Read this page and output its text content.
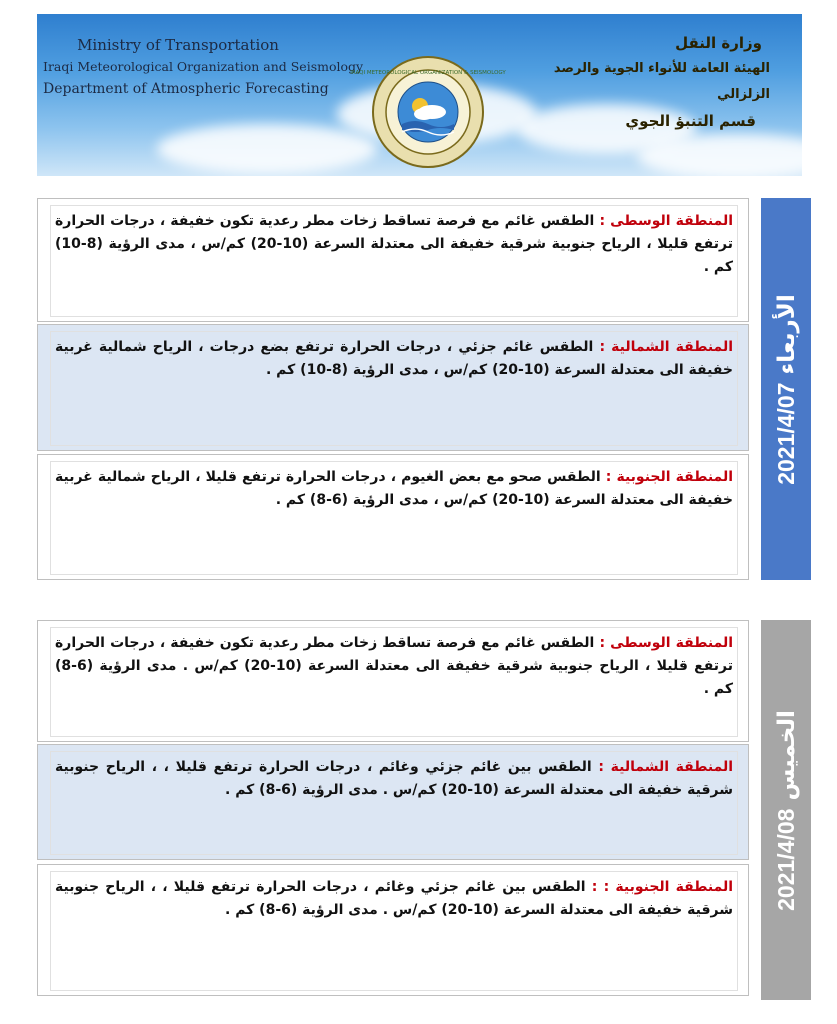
Ministry of Transportation
Iraqi Meteorological Organization and Seismology
Department of Atmospheric Forecasting
IRAQI METEOROLOGICAL ORGANIZATION & SEISMOLOGY
وزارة النقل
الهيئة العامة للأنواء الجوية والرصد الزلزالي
قسم التنبؤ الجوي

المنطقة الوسطى : الطقس غائم مع فرصة تساقط زخات مطر رعدية تكون خفيفة ، درجات الحرارة ترتفع قليلا ، الرياح جنوبية شرقية خفيفة الى معتدلة السرعة (10-20) كم/س ، مدى الرؤية (8-10) كم .

المنطقة الشمالية : الطقس غائم جزئي ، درجات الحرارة ترتفع بضع درجات ، الرياح شمالية غربية خفيفة الى معتدلة السرعة (10-20) كم/س ، مدى الرؤية (8-10) كم .

المنطقة الجنوبية : الطقس صحو مع بعض الغيوم ، درجات الحرارة ترتفع قليلا ، الرياح شمالية غربية خفيفة الى معتدلة السرعة (10-20) كم/س ، مدى الرؤية (6-8) كم .

الأربعاء 2021/4/07

المنطقة الوسطى : الطقس غائم مع فرصة تساقط زخات مطر رعدية تكون خفيفة ، درجات الحرارة ترتفع قليلا ، الرياح جنوبية شرقية خفيفة الى معتدلة السرعة (10-20) كم/س . مدى الرؤية (6-8) كم .

المنطقة الشمالية : الطقس بين غائم جزئي وغائم ، درجات الحرارة ترتفع قليلا ، ، الرياح جنوبية شرقية خفيفة الى معتدلة السرعة (10-20) كم/س . مدى الرؤية (6-8) كم .

المنطقة الجنوبية : : الطقس بين غائم جزئي وغائم ، درجات الحرارة ترتفع قليلا ، ، الرياح جنوبية شرقية خفيفة الى معتدلة السرعة (10-20) كم/س . مدى الرؤية (6-8) كم .

الخميس 2021/4/08
